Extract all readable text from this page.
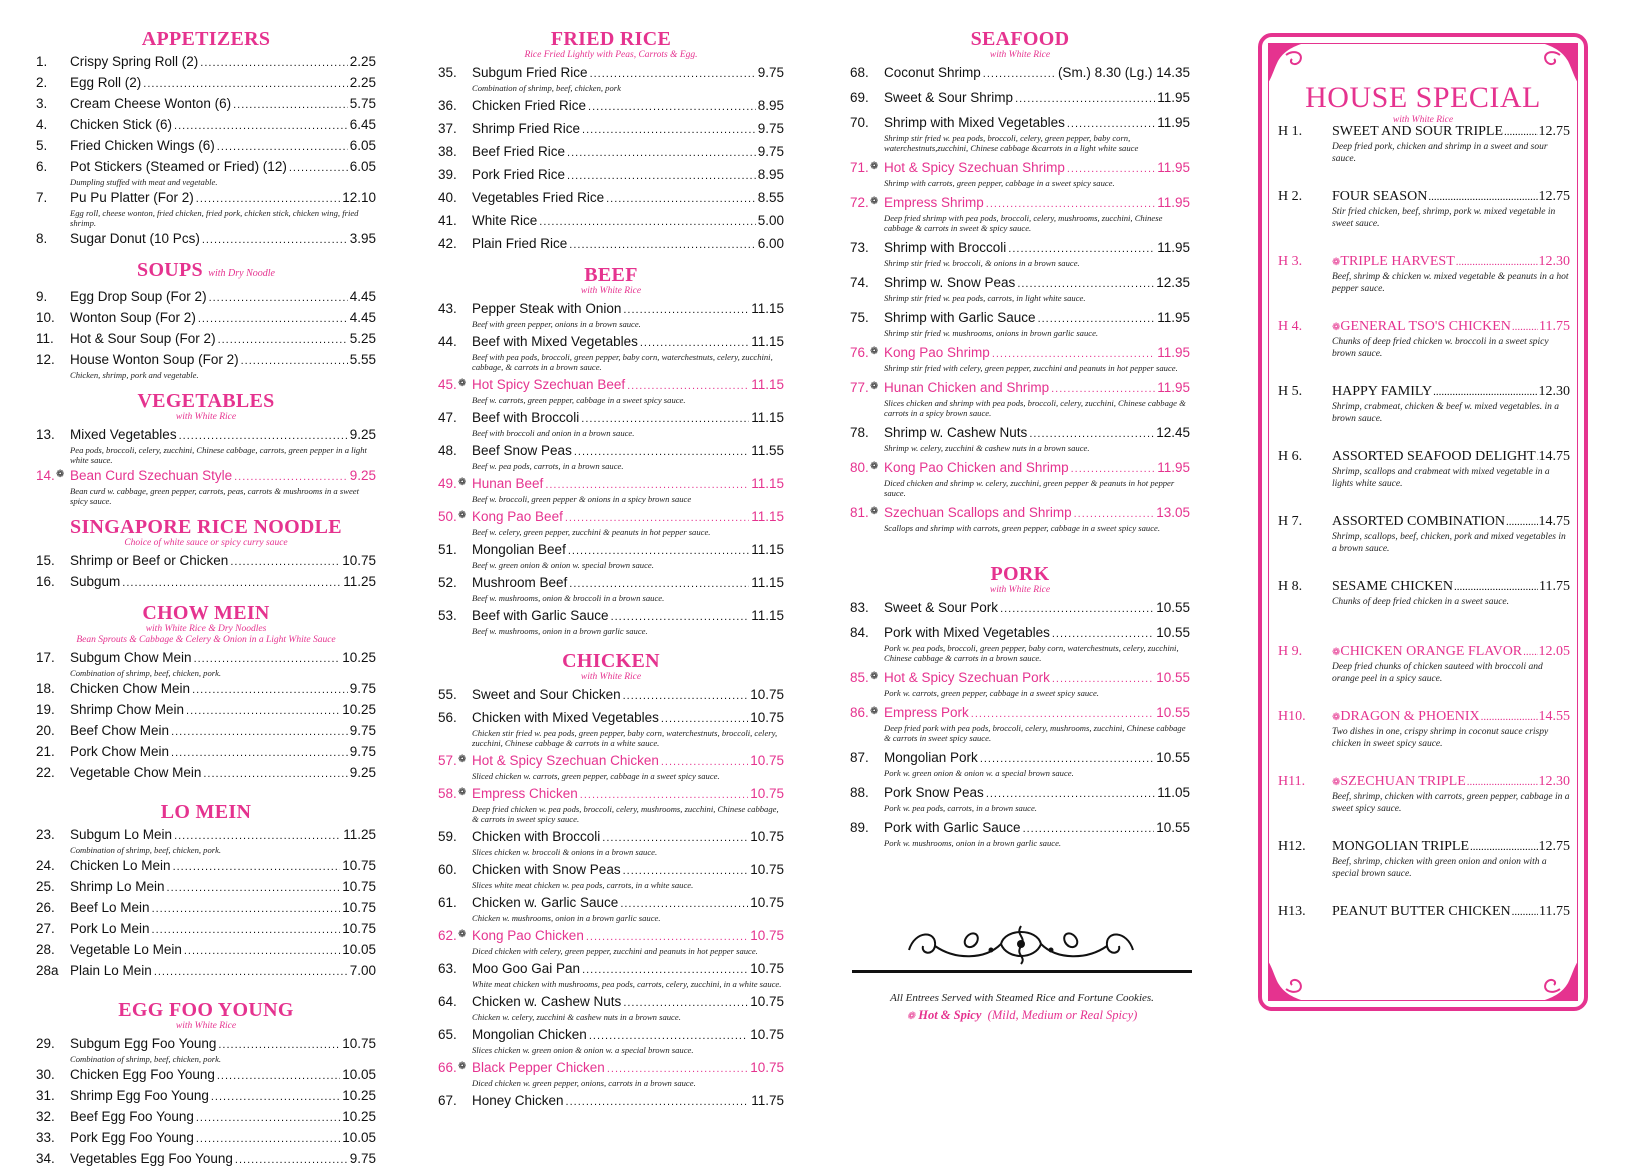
APPETIZERS
1. Crispy Spring Roll (2) .....	2.25
2. Egg Roll (2) .....	2.25
3. Cream Cheese Wonton (6) .....	5.75
4. Chicken Stick (6) .....	6.45
5. Fried Chicken Wings (6) .....	6.05
6. Pot Stickers (Steamed or Fried) (12) .....	6.05
Dumpling stuffed with meat and vegetable.
7. Pu Pu Platter (For 2) .....	12.10
Egg roll, cheese wonton, fried chicken, fried pork, chicken stick, chicken wing, fried shrimp.
8. Sugar Donut (10 Pcs) .....	3.95
SOUPS with Dry Noodle
9. Egg Drop Soup (For 2) .....	4.45
10. Wonton Soup (For 2) .....	4.45
11. Hot & Sour Soup (For 2) .....	5.25
12. House Wonton Soup (For 2) .....	5.55
Chicken, shrimp, pork and vegetable.
VEGETABLES
with White Rice
13. Mixed Vegetables .....	9.25
Pea pods, broccoli, celery, zucchini, Chinese cabbage, carrots, green pepper in a light white sauce.
14. ❁ Bean Curd Szechuan Style .....	9.25
Bean curd w. cabbage, green pepper, carrots, peas, carrots & mushrooms in a sweet spicy sauce.
SINGAPORE RICE NOODLE
Choice of white sauce or spicy curry sauce
15. Shrimp or Beef or Chicken .....	10.75
16. Subgum .....	11.25
CHOW MEIN
with White Rice & Dry Noodles
Bean Sprouts & Cabbage & Celery & Onion in a Light White Sauce
17. Subgum Chow Mein .....	10.25
Combination of shrimp, beef, chicken, pork.
18. Chicken Chow Mein .....	9.75
19. Shrimp Chow Mein .....	10.25
20. Beef Chow Mein .....	9.75
21. Pork Chow Mein .....	9.75
22. Vegetable Chow Mein .....	9.25
LO MEIN
23. Subgum Lo Mein .....	11.25
Combination of shrimp, beef, chicken, pork.
24. Chicken Lo Mein .....	10.75
25. Shrimp Lo Mein .....	10.75
26. Beef Lo Mein .....	10.75
27. Pork Lo Mein .....	10.75
28. Vegetable Lo Mein .....	10.05
28a Plain Lo Mein .....	7.00
EGG FOO YOUNG
with White Rice
29. Subgum Egg Foo Young .....	10.75
Combination of shrimp, beef, chicken, pork.
30. Chicken Egg Foo Young .....	10.05
31. Shrimp Egg Foo Young .....	10.25
32. Beef Egg Foo Young .....	10.25
33. Pork Egg Foo Young .....	10.05
34. Vegetables Egg Foo Young .....	9.75
FRIED RICE
Rice Fried Lightly with Peas, Carrots & Egg.
35. Subgum Fried Rice .....	9.75
Combination of shrimp, beef, chicken, pork
36. Chicken Fried Rice .....	8.95
37. Shrimp Fried Rice .....	9.75
38. Beef Fried Rice .....	9.75
39. Pork Fried Rice .....	8.95
40. Vegetables Fried Rice .....	8.55
41. White Rice .....	5.00
42. Plain Fried Rice .....	6.00
BEEF
with White Rice
43. Pepper Steak with Onion .....	11.15
Beef with green pepper, onions in a brown sauce.
44. Beef with Mixed Vegetables .....	11.15
Beef with pea pods, broccoli, green pepper, baby corn, waterchestnuts, celery, zucchini, cabbage, & carrots in a brown sauce.
45. ❁ Hot Spicy Szechuan Beef .....	11.15
Beef w. carrots, green pepper, cabbage in a sweet spicy sauce.
47. Beef with Broccoli .....	11.15
Beef with broccoli and onion in a brown sauce.
48. Beef Snow Peas .....	11.55
Beef w. pea pods, carrots, in a brown sauce.
49. ❁ Hunan Beef .....	11.15
Beef w. broccoli, green pepper & onions in a spicy brown sauce
50. ❁ Kong Pao Beef .....	11.15
Beef w. celery, green pepper, zucchini & peanuts in hot pepper sauce.
51. Mongolian Beef .....	11.15
Beef w. green onion & onion w. special brown sauce.
52. Mushroom Beef .....	11.15
Beef w. mushrooms, onion & broccoli in a brown sauce.
53. Beef with Garlic Sauce .....	11.15
Beef w. mushrooms, onion in a brown garlic sauce.
CHICKEN
with White Rice
55. Sweet and Sour Chicken .....	10.75
56. Chicken with Mixed Vegetables .....	10.75
Chicken stir fried w. pea pods, green pepper, baby corn, waterchestnuts, broccoli, celery, zucchini, Chinese cabbage & carrots in a white sauce.
57. ❁ Hot & Spicy Szechuan Chicken .....	10.75
Sliced chicken w. carrots, green pepper, cabbage in a sweet spicy sauce.
58. ❁ Empress Chicken .....	10.75
Deep fried chicken w. pea pods, broccoli, celery, mushrooms, zucchini, Chinese cabbage, & carrots in sweet spicy sauce.
59. Chicken with Broccoli .....	10.75
Slices chicken w. broccoli & onions in a brown sauce.
60. Chicken with Snow Peas .....	10.75
Slices white meat chicken w. pea pods, carrots, in a white sauce.
61. Chicken w. Garlic Sauce .....	10.75
Chicken w. mushrooms, onion in a brown garlic sauce.
62. ❁ Kong Pao Chicken .....	10.75
Diced chicken with celery, green pepper, zucchini and peanuts in hot pepper sauce.
63. Moo Goo Gai Pan .....	10.75
White meat chicken with mushrooms, pea pods, carrots, celery, zucchini, in a white sauce.
64. Chicken w. Cashew Nuts .....	10.75
Chicken w. celery, zucchini & cashew nuts in a brown sauce.
65. Mongolian Chicken .....	10.75
Slices chicken w. green onion & onion w. a special brown sauce.
66. ❁ Black Pepper Chicken .....	10.75
Diced chicken w. green pepper, onions, carrots in a brown sauce.
67. Honey Chicken .....	11.75
SEAFOOD
with White Rice
68. Coconut Shrimp .....	(Sm.) 8.30 (Lg.) 14.35
69. Sweet & Sour Shrimp .....	11.95
70. Shrimp with Mixed Vegetables .....	11.95
Shrimp stir fried w. pea pods, broccoli, celery, green pepper, baby corn, waterchestnuts,zucchini, Chinese cabbage &carrots in a light white sauce
71. ❁ Hot & Spicy Szechuan Shrimp .....	11.95
Shrimp with carrots, green pepper, cabbage in a sweet spicy sauce.
72. ❁ Empress Shrimp .....	11.95
Deep fried shrimp with pea pods, broccoli, celery, mushrooms, zucchini, Chinese cabbage & carrots in sweet & spicy sauce.
73. Shrimp with Broccoli .....	11.95
Shrimp stir fried w. broccoli, & onions in a brown sauce.
74. Shrimp w. Snow Peas .....	12.35
Shrimp stir fried w. pea pods, carrots, in light white sauce.
75. Shrimp with Garlic Sauce .....	11.95
Shrimp stir fried w. mushrooms, onions in brown garlic sauce.
76. ❁ Kong Pao Shrimp .....	11.95
Shrimp stir fried with celery, green pepper, zucchini and peanuts in hot pepper sauce.
77. ❁ Hunan Chicken and Shrimp .....	11.95
Slices chicken and shrimp with pea pods, broccoli, celery, zucchini, Chinese cabbage & carrots in a spicy brown sauce.
78. Shrimp w. Cashew Nuts .....	12.45
Shrimp w. celery, zucchini & cashew nuts in a brown sauce.
80. ❁ Kong Pao Chicken and Shrimp .....	11.95
Diced chicken and shrimp w. celery, zucchini, green pepper & peanuts in hot pepper sauce.
81. ❁ Szechuan Scallops and Shrimp .....	13.05
Scallops and shrimp with carrots, green pepper, cabbage in a sweet spicy sauce.
PORK
with White Rice
83. Sweet & Sour Pork .....	10.55
84. Pork with Mixed Vegetables .....	10.55
Pork w. pea pods, broccoli, green pepper, baby corn, waterchestnuts, celery, zucchini, Chinese cabbage & carrots in a brown sauce.
85. ❁ Hot & Spicy Szechuan Pork .....	10.55
Pork w. carrots, green pepper, cabbage in a sweet spicy sauce.
86. ❁ Empress Pork .....	10.55
Deep fried pork with pea pods, broccoli, celery, mushrooms, zucchini, Chinese cabbage & carrots in sweet spicy sauce.
87. Mongolian Pork .....	10.55
Pork w. green onion & onion w. a special brown sauce.
88. Pork Snow Peas .....	11.05
Pork w. pea pods, carrots, in a brown sauce.
89. Pork with Garlic Sauce .....	10.55
Pork w. mushrooms, onion in a brown garlic sauce.
All Entrees Served with Steamed Rice and Fortune Cookies.
❁ Hot & Spicy (Mild, Medium or Real Spicy)
HOUSE SPECIAL
with White Rice
H 1.	SWEET AND SOUR TRIPLE .....	12.75
Deep fried pork, chicken and shrimp in a sweet and sour sauce.
H 2.	FOUR SEASON .....	12.75
Stir fried chicken, beef, shrimp, pork w. mixed vegetable in sweet sauce.
H 3.	❁ TRIPLE HARVEST .....	12.30
Beef, shrimp & chicken w. mixed vegetable & peanuts in a hot pepper sauce.
H 4.	❁ GENERAL TSO'S CHICKEN ..... 11.75
Chunks of deep fried chicken w. broccoli in a sweet spicy brown sauce.
H 5.	HAPPY FAMILY .....	12.30
Shrimp, crabmeat, chicken & beef w. mixed vegetables. in a brown sauce.
H 6.	ASSORTED SEAFOOD DELIGHT ..... 14.75
Shrimp, scallops and crabmeat with mixed vegetable in a lights white sauce.
H 7.	ASSORTED COMBINATION ..... 14.75
Shrimp, scallops, beef, chicken, pork and mixed vegetables in a brown sauce.
H 8.	SESAME CHICKEN .....	11.75
Chunks of deep fried chicken in a sweet sauce.
H 9.	❁ CHICKEN ORANGE FLAVOR ..... 12.05
Deep fried chunks of chicken sauteed with broccoli and orange peel in a spicy sauce.
H10.	❁ DRAGON & PHOENIX .....	14.55
Two dishes in one, crispy shrimp in coconut sauce crispy chicken in sweet spicy sauce.
H11.	❁ SZECHUAN TRIPLE .....	12.30
Beef, shrimp, chicken with carrots, green pepper, cabbage in a sweet spicy sauce.
H12.	MONGOLIAN TRIPLE .....	12.75
Beef, shrimp, chicken with green onion and onion with a special brown sauce.
H13.	PEANUT BUTTER CHICKEN ..... 11.75
